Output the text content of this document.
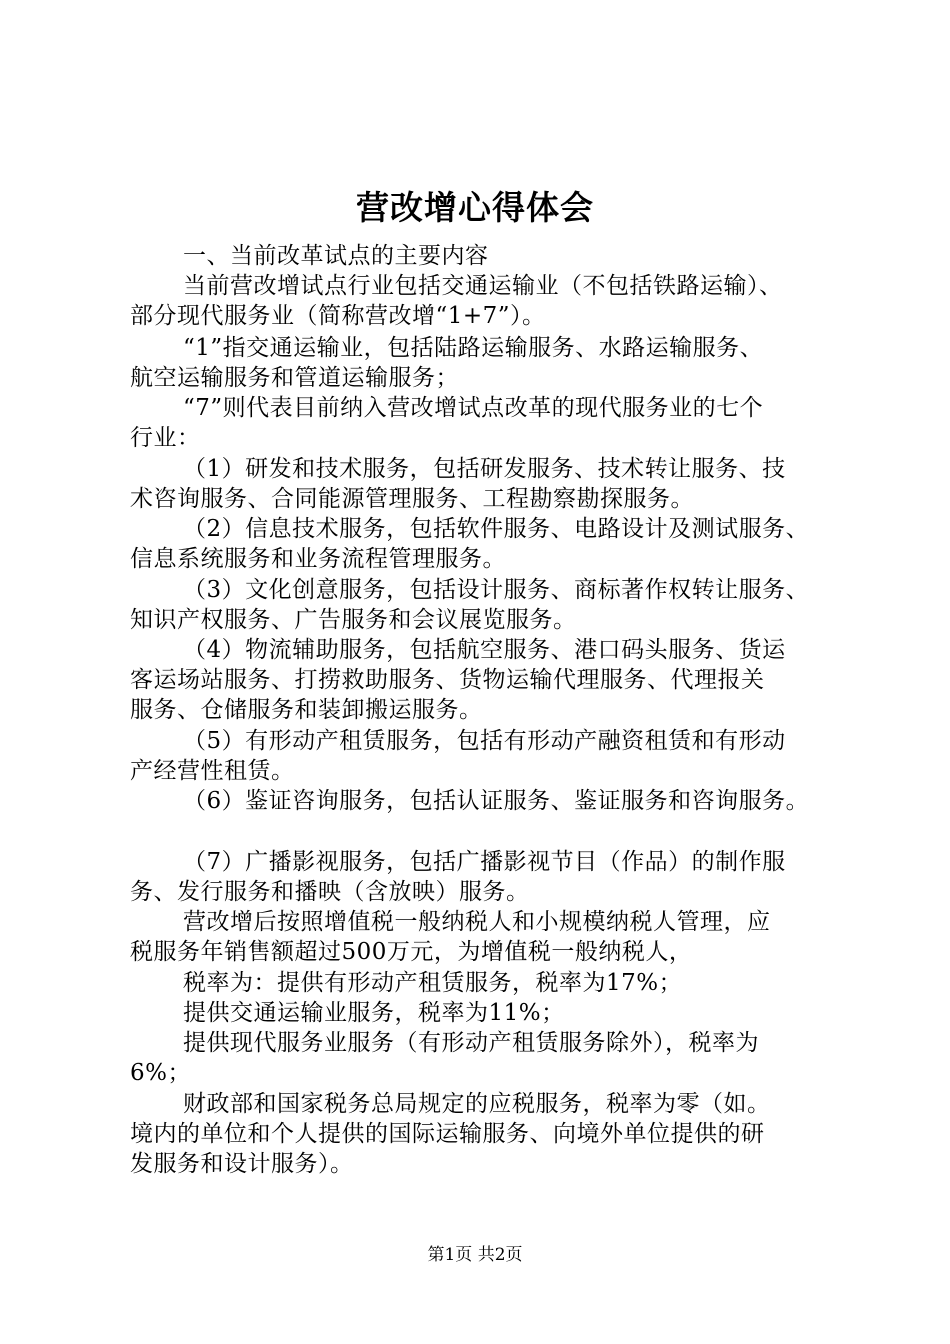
营改增心得体会
一、当前改革试点的主要内容
当前营改增试点行业包括交通运输业（不包括铁路运输）、
部分现代服务业（简称营改增“1+7”）。
“1”指交通运输业，包括陆路运输服务、水路运输服务、
航空运输服务和管道运输服务；
“7”则代表目前纳入营改增试点改革的现代服务业的七个
行业：
（1）研发和技术服务，包括研发服务、技术转让服务、技
术咨询服务、合同能源管理服务、工程勘察勘探服务。
（2）信息技术服务，包括软件服务、电路设计及测试服务、
信息系统服务和业务流程管理服务。
（3）文化创意服务，包括设计服务、商标著作权转让服务、
知识产权服务、广告服务和会议展览服务。
（4）物流辅助服务，包括航空服务、港口码头服务、货运
客运场站服务、打捞救助服务、货物运输代理服务、代理报关
服务、仓储服务和装卸搬运服务。
（5）有形动产租赁服务，包括有形动产融资租赁和有形动
产经营性租赁。
（6）鉴证咨询服务，包括认证服务、鉴证服务和咨询服务。
（7）广播影视服务，包括广播影视节目（作品）的制作服
务、发行服务和播映（含放映）服务。
营改增后按照增值税一般纳税人和小规模纳税人管理，应
税服务年销售额超过500万元，为增值税一般纳税人，
税率为：提供有形动产租赁服务，税率为17%；
提供交通运输业服务，税率为11%；
提供现代服务业服务（有形动产租赁服务除外），税率为
6%；
财政部和国家税务总局规定的应税服务，税率为零（如。
境内的单位和个人提供的国际运输服务、向境外单位提供的研
发服务和设计服务）。
第1页 共2页
